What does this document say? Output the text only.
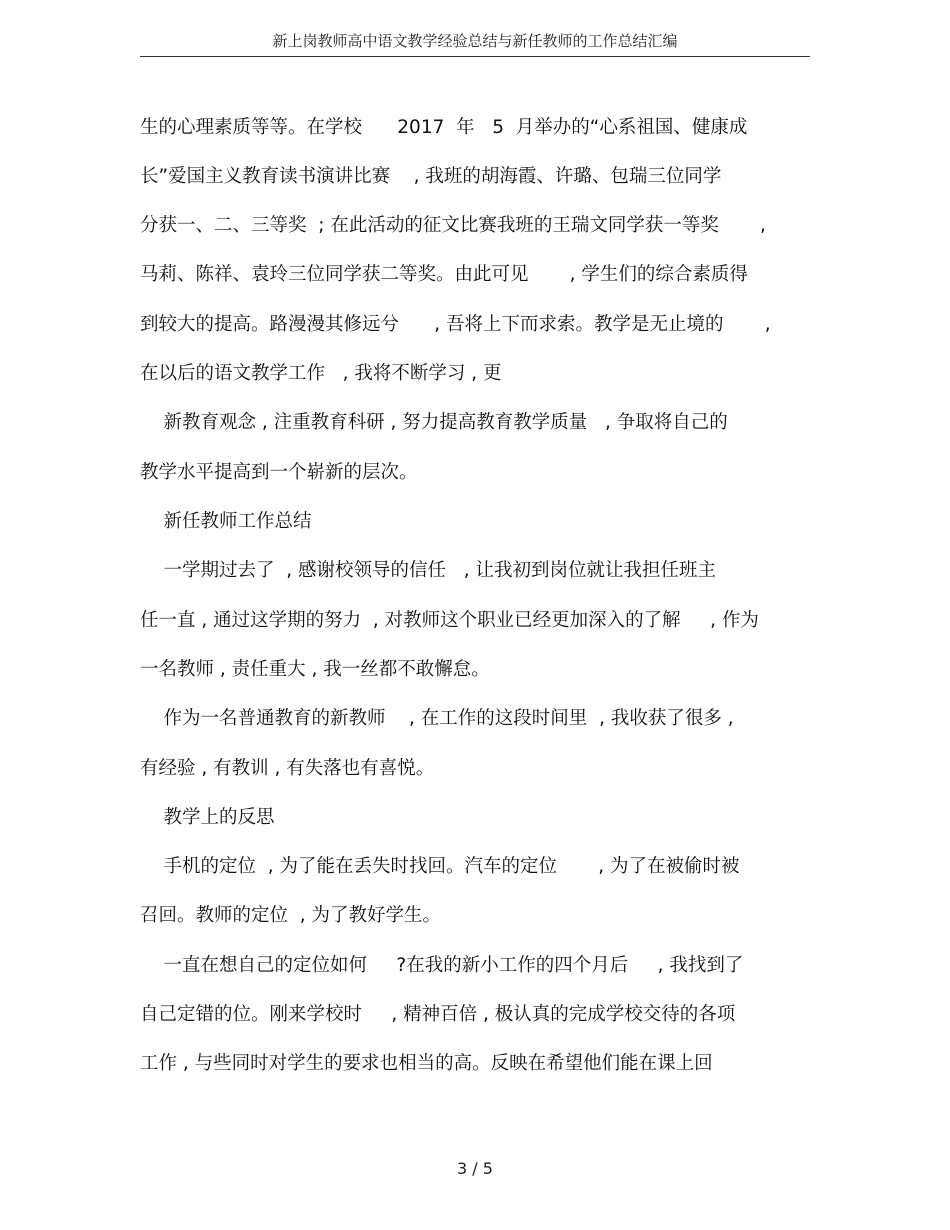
新上岗教师高中语文教学经验总结与新任教师的工作总结汇编
生的心理素质等等。在学校      2017  年   5  月举办的“心系祖国、健康成
长”爱国主义教育读书演讲比赛    , 我班的胡海霞、许璐、包瑞三位同学
分获一、二、三等奖  ; 在此活动的征文比赛我班的王瑞文同学获一等奖       ,
马莉、陈祥、袁玲三位同学获二等奖。由此可见       , 学生们的综合素质得
到较大的提高。路漫漫其修远兮      , 吾将上下而求索。教学是无止境的       ,
在以后的语文教学工作   , 我将不断学习 , 更
新教育观念 , 注重教育科研 , 努力提高教育教学质量   , 争取将自己的
教学水平提高到一个崭新的层次。
新任教师工作总结
一学期过去了  , 感谢校领导的信任   , 让我初到岗位就让我担任班主
任一直 , 通过这学期的努力  , 对教师这个职业已经更加深入的了解     , 作为
一名教师 , 责任重大 , 我一丝都不敢懈怠。
作为一名普通教育的新教师    , 在工作的这段时间里  , 我收获了很多 ,
有经验 , 有教训 , 有失落也有喜悦。
教学上的反思
手机的定位  , 为了能在丢失时找回。汽车的定位       , 为了在被偷时被
召回。教师的定位  , 为了教好学生。
一直在想自己的定位如何     ?在我的新小工作的四个月后     , 我找到了
自己定错的位。刚来学校时     , 精神百倍 , 极认真的完成学校交待的各项
工作 , 与些同时对学生的要求也相当的高。反映在希望他们能在课上回
3 / 5
